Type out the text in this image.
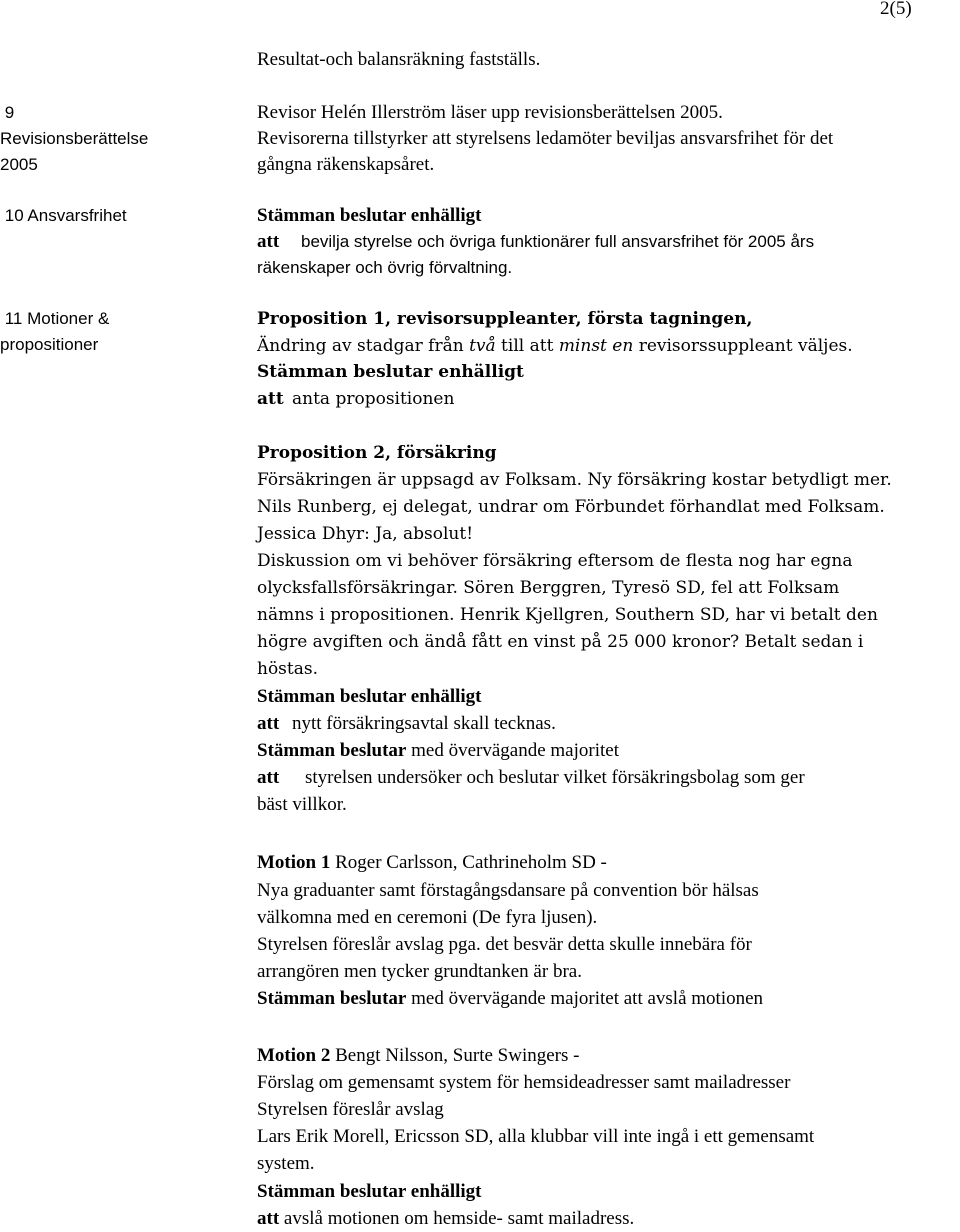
2(5)
Resultat-och balansräkning fastställs.
9
Revisionsberättelse
2005
Revisor Helén Illerström läser upp revisionsberättelsen 2005.
Revisorerna tillstyrker att styrelsens ledamöter beviljas ansvarsfrihet för det
gångna räkenskapsåret.
10 Ansvarsfrihet	Stämman beslutar enhälligt
att bevilja styrelse och övriga funktionärer full ansvarsfrihet för 2005 års
räkenskaper och övrig förvaltning.
11 Motioner &
propositioner
Proposition 1, revisorsuppleanter, första tagningen,
Ändring av stadgar från två till att minst en revisorssuppleant väljes.
Stämman beslutar enhälligt
att anta propositionen
Proposition 2, försäkring
Försäkringen är uppsagd av Folksam. Ny försäkring kostar betydligt mer.
Nils Runberg, ej delegat, undrar om Förbundet förhandlat med Folksam.
Jessica Dhyr: Ja, absolut!
Diskussion om vi behöver försäkring eftersom de flesta nog har egna
olycksfallsförsäkringar. Sören Berggren, Tyresö SD, fel att Folksam
nämns i propositionen. Henrik Kjellgren, Southern SD, har vi betalt den
högre avgiften och ändå fått en vinst på 25 000 kronor? Betalt sedan i
höstas.
Stämman beslutar enhälligt
att nytt försäkringsavtal skall tecknas.
Stämman beslutar med övervägande majoritet
att styrelsen undersöker och beslutar vilket försäkringsbolag som ger
bäst villkor.
Motion 1 Roger Carlsson, Cathrineholm SD -
Nya graduanter samt förstagångsdansare på convention bör hälsas
välkomna med en ceremoni (De fyra ljusen).
Styrelsen föreslår avslag pga. det besvär detta skulle innebära för
arrangören men tycker grundtanken är bra.
Stämman beslutar med övervägande majoritet att avslå motionen
Motion 2 Bengt Nilsson, Surte Swingers -
Förslag om gemensamt system för hemsideadresser samt mailadresser
Styrelsen föreslår avslag
Lars Erik Morell, Ericsson SD, alla klubbar vill inte ingå i ett gemensamt
system.
Stämman beslutar enhälligt
att avslå motionen om hemside- samt mailadress.
